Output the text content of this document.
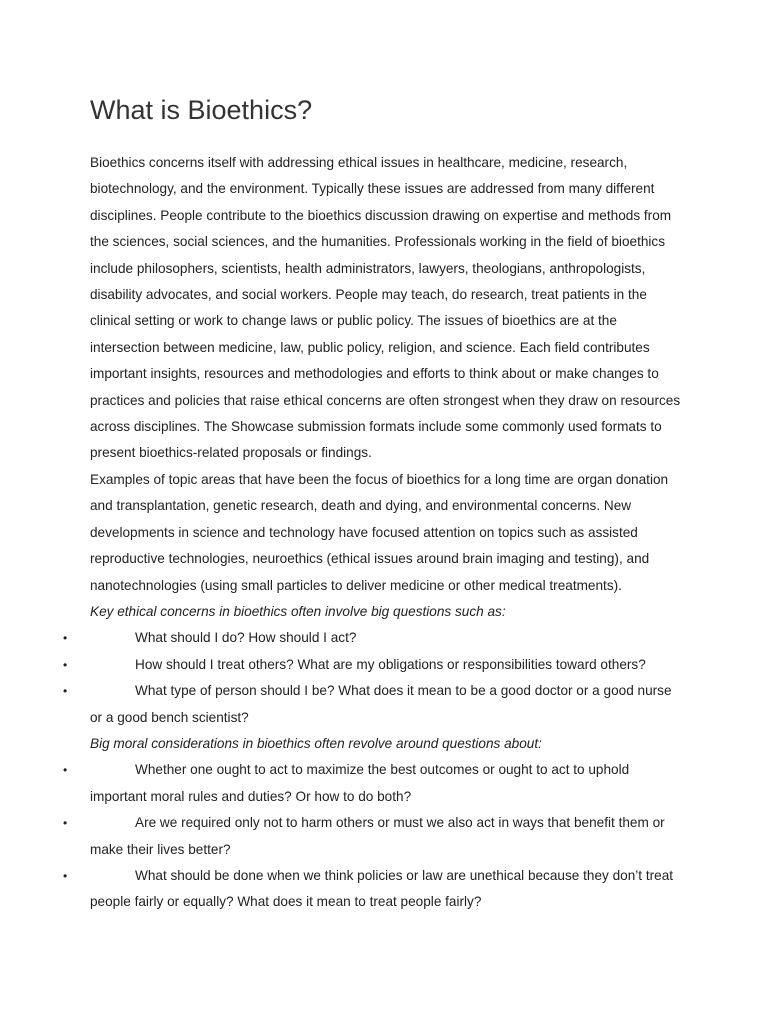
What is Bioethics?

Bioethics concerns itself with addressing ethical issues in healthcare, medicine, research, biotechnology, and the environment. Typically these issues are addressed from many different disciplines. People contribute to the bioethics discussion drawing on expertise and methods from the sciences, social sciences, and the humanities. Professionals working in the field of bioethics include philosophers, scientists, health administrators, lawyers, theologians, anthropologists, disability advocates, and social workers. People may teach, do research, treat patients in the clinical setting or work to change laws or public policy. The issues of bioethics are at the intersection between medicine, law, public policy, religion, and science. Each field contributes important insights, resources and methodologies and efforts to think about or make changes to practices and policies that raise ethical concerns are often strongest when they draw on resources across disciplines. The Showcase submission formats include some commonly used formats to present bioethics-related proposals or findings.

Examples of topic areas that have been the focus of bioethics for a long time are organ donation and transplantation, genetic research, death and dying, and environmental concerns. New developments in science and technology have focused attention on topics such as assisted reproductive technologies, neuroethics (ethical issues around brain imaging and testing), and nanotechnologies (using small particles to deliver medicine or other medical treatments).

Key ethical concerns in bioethics often involve big questions such as:

•	What should I do? How should I act?
•	How should I treat others? What are my obligations or responsibilities toward others?
•	What type of person should I be? What does it mean to be a good doctor or a good nurse or a good bench scientist?

Big moral considerations in bioethics often revolve around questions about:

•	Whether one ought to act to maximize the best outcomes or ought to act to uphold important moral rules and duties? Or how to do both?
•	Are we required only not to harm others or must we also act in ways that benefit them or make their lives better?
•	What should be done when we think policies or law are unethical because they don’t treat people fairly or equally? What does it mean to treat people fairly?
